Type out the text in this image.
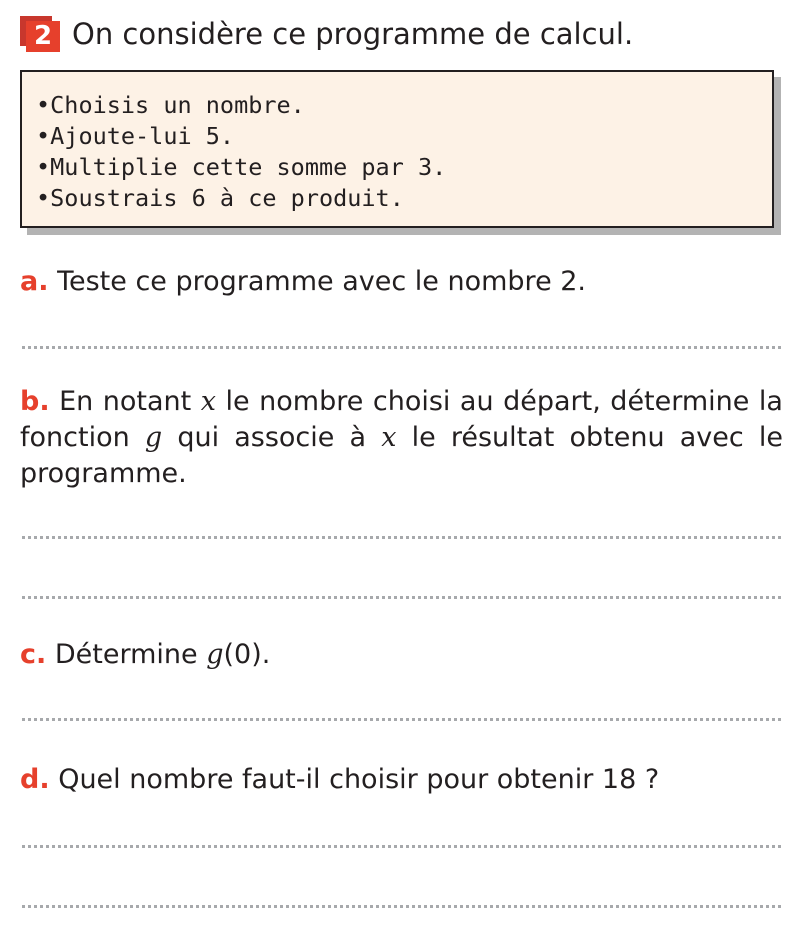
2 On considère ce programme de calcul.
•Choisis un nombre.
•Ajoute-lui 5.
•Multiplie cette somme par 3.
•Soustrais 6 à ce produit.
a. Teste ce programme avec le nombre 2.
b. En notant x le nombre choisi au départ, détermine la fonction g qui associe à x le résultat obtenu avec le programme.
c. Détermine g(0).
d. Quel nombre faut-il choisir pour obtenir 18 ?
